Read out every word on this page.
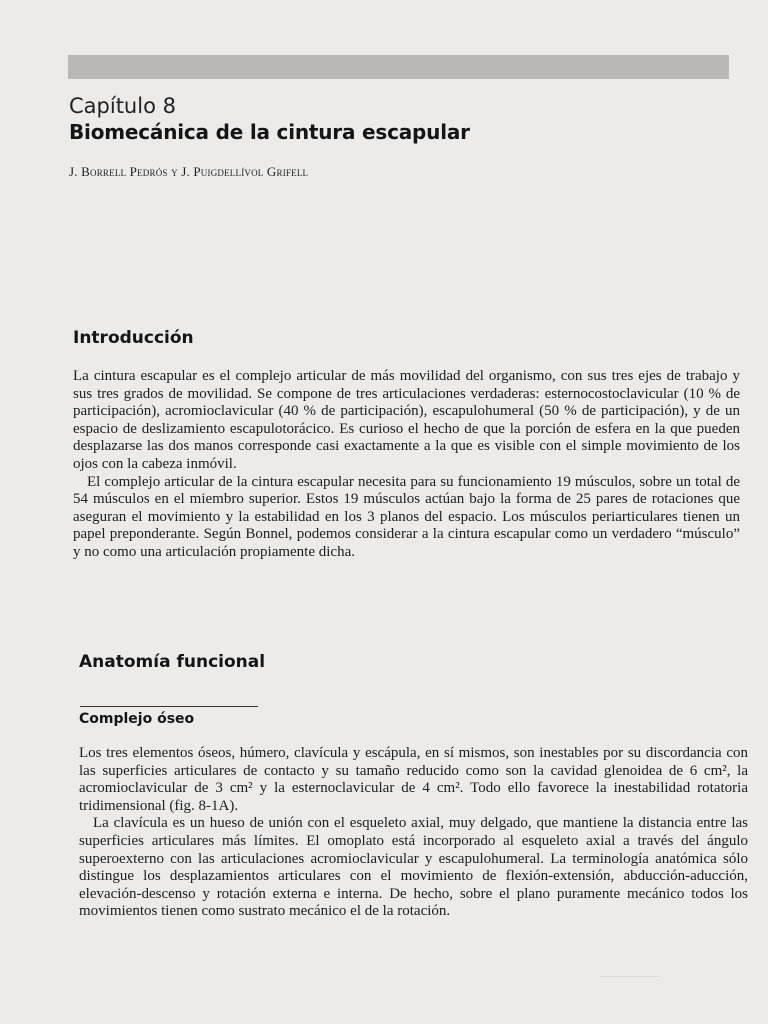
Capítulo 8
Biomecánica de la cintura escapular
J. Borrell Pedrós y J. Puigdellívol Grifell
Introducción

La cintura escapular es el complejo articular de más movilidad del organismo, con sus tres ejes de trabajo y sus tres grados de movilidad. Se compone de tres articulaciones verdaderas: esternocostoclavicular (10 % de participación), acromioclavicular (40 % de participación), escapulohumeral (50 % de participación), y de un espacio de deslizamiento escapulotorácico. Es curioso el hecho de que la porción de esfera en la que pueden desplazarse las dos manos corresponde casi exactamente a la que es visible con el simple movimiento de los ojos con la cabeza inmóvil.

El complejo articular de la cintura escapular necesita para su funcionamiento 19 músculos, sobre un total de 54 músculos en el miembro superior. Estos 19 músculos actúan bajo la forma de 25 pares de rotaciones que aseguran el movimiento y la estabilidad en los 3 planos del espacio. Los músculos periarticulares tienen un papel preponderante. Según Bonnel, podemos considerar a la cintura escapular como un verdadero “músculo” y no como una articulación propiamente dicha.

Anatomía funcional
Complejo óseo

Los tres elementos óseos, húmero, clavícula y escápula, en sí mismos, son inestables por su discordancia con las superficies articulares de contacto y su tamaño reducido como son la cavidad glenoidea de 6 cm², la acromioclavicular de 3 cm² y la esternoclavicular de 4 cm². Todo ello favorece la inestabilidad rotatoria tridimensional (fig. 8-1A).

La clavícula es un hueso de unión con el esqueleto axial, muy delgado, que mantiene la distancia entre las superficies articulares más límites. El omoplato está incorporado al esqueleto axial a través del ángulo superoexterno con las articulaciones acromioclavicular y escapulohumeral. La terminología anatómica sólo distingue los desplazamientos articulares con el movimiento de flexión-extensión, abducción-aducción, elevación-descenso y rotación externa e interna. De hecho, sobre el plano puramente mecánico todos los movimientos tienen como sustrato mecánico el de la rotación.
